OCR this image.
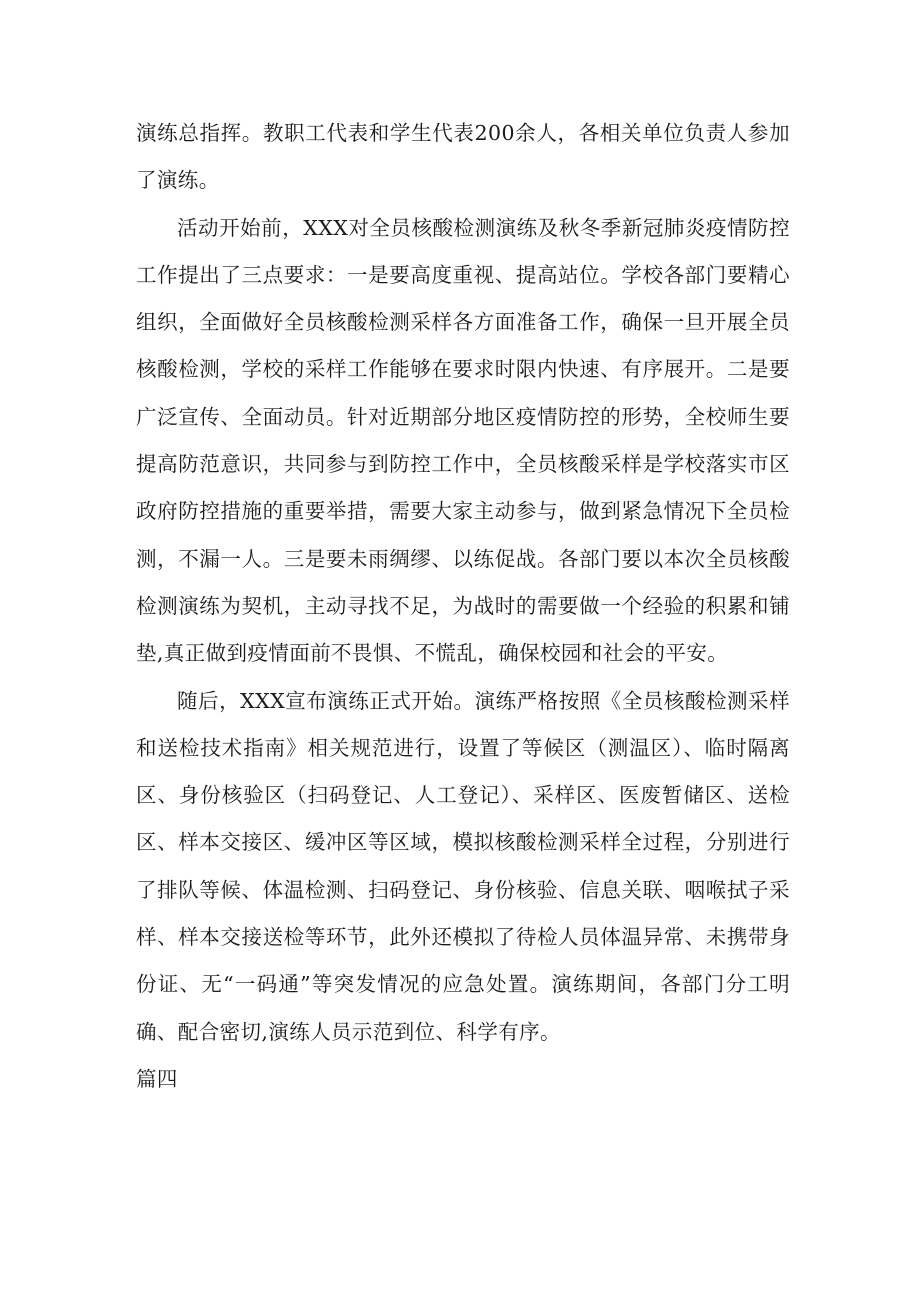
演练总指挥。教职工代表和学生代表200余人，各相关单位负责人参加了演练。

活动开始前，XXX对全员核酸检测演练及秋冬季新冠肺炎疫情防控工作提出了三点要求：一是要高度重视、提高站位。学校各部门要精心组织，全面做好全员核酸检测采样各方面准备工作，确保一旦开展全员核酸检测，学校的采样工作能够在要求时限内快速、有序展开。二是要广泛宣传、全面动员。针对近期部分地区疫情防控的形势，全校师生要提高防范意识，共同参与到防控工作中，全员核酸采样是学校落实市区政府防控措施的重要举措，需要大家主动参与，做到紧急情况下全员检测，不漏一人。三是要未雨绸缪、以练促战。各部门要以本次全员核酸检测演练为契机，主动寻找不足，为战时的需要做一个经验的积累和铺垫,真正做到疫情面前不畏惧、不慌乱，确保校园和社会的平安。

随后，XXX宣布演练正式开始。演练严格按照《全员核酸检测采样和送检技术指南》相关规范进行，设置了等候区（测温区）、临时隔离区、身份核验区（扫码登记、人工登记）、采样区、医废暂储区、送检区、样本交接区、缓冲区等区域，模拟核酸检测采样全过程，分别进行了排队等候、体温检测、扫码登记、身份核验、信息关联、咽喉拭子采样、样本交接送检等环节，此外还模拟了待检人员体温异常、未携带身份证、无“一码通”等突发情况的应急处置。演练期间，各部门分工明确、配合密切,演练人员示范到位、科学有序。

篇四
